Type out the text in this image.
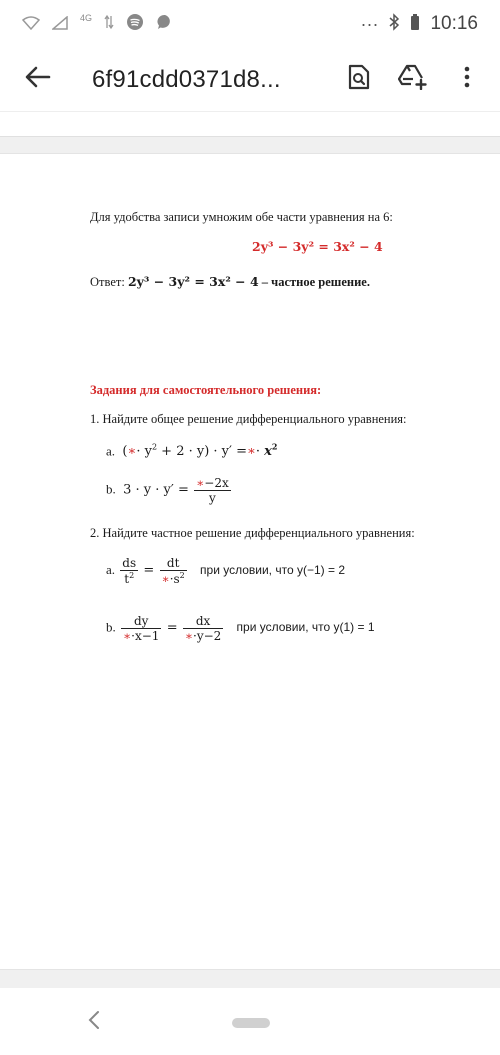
4G	···	10:16
6f91cdd0371d8...
Для удобства записи умножим обе части уравнения на 6:
2y³ − 3y² = 3x² − 4
Ответ: 2y³ − 3y² = 3x² − 4 – частное решение.
Задания для самостоятельного решения:
1. Найдите общее решение дифференциального уравнения:
a.  (∗· $y^2 + 2 \cdot y) \cdot y'$ =∗· $x^2$
b.  $3 \cdot y \cdot y' = \frac{∗-2x}{y}$
2. Найдите частное решение дифференциального уравнения:
a. $\frac{ds}{t^2} = \frac{dt}{∗\cdot s^2}$ при условии, что y(−1) = 2
b. $\frac{dy}{∗\cdot x-1} = \frac{dx}{∗\cdot y-2}$ при условии, что y(1) = 1
